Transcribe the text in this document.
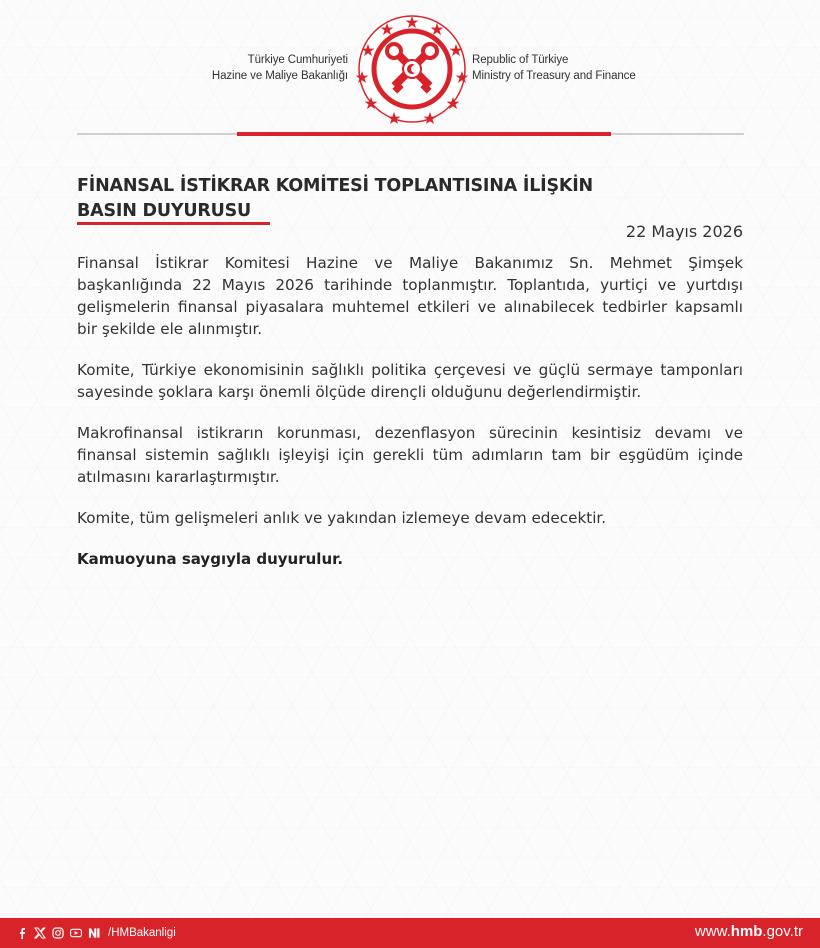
Türkiye Cumhuriyeti
Hazine ve Maliye Bakanlığı
Republic of Türkiye
Ministry of Treasury and Finance
FİNANSAL İSTİKRAR KOMİTESİ TOPLANTISINA İLİŞKİN
BASIN DUYURUSU
22 Mayıs 2026

Finansal İstikrar Komitesi Hazine ve Maliye Bakanımız Sn. Mehmet Şimşek başkanlığında 22 Mayıs 2026 tarihinde toplanmıştır. Toplantıda, yurtiçi ve yurtdışı gelişmelerin finansal piyasalara muhtemel etkileri ve alınabilecek tedbirler kapsamlı bir şekilde ele alınmıştır.

Komite, Türkiye ekonomisinin sağlıklı politika çerçevesi ve güçlü sermaye tamponları sayesinde şoklara karşı önemli ölçüde dirençli olduğunu değerlendirmiştir.

Makrofinansal istikrarın korunması, dezenflasyon sürecinin kesintisiz devamı ve finansal sistemin sağlıklı işleyişi için gerekli tüm adımların tam bir eşgüdüm içinde atılmasını kararlaştırmıştır.

Komite, tüm gelişmeleri anlık ve yakından izlemeye devam edecektir.

Kamuoyuna saygıyla duyurulur.
/HMBakanligi	www.hmb.gov.tr
